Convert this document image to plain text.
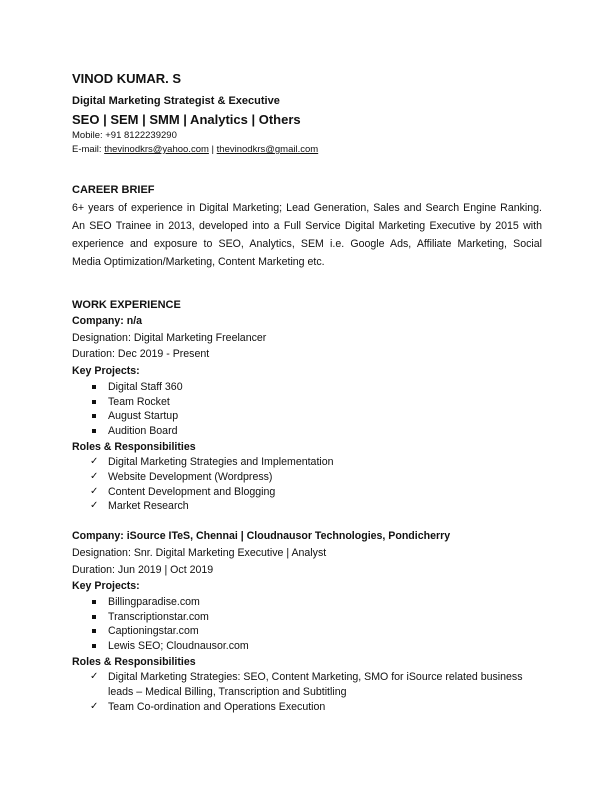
VINOD KUMAR. S
Digital Marketing Strategist & Executive
SEO | SEM | SMM | Analytics | Others
Mobile: +91 8122239290
E-mail: thevinodkrs@yahoo.com | thevinodkrs@gmail.com
CAREER BRIEF
6+ years of experience in Digital Marketing; Lead Generation, Sales and Search Engine Ranking.
An SEO Trainee in 2013, developed into a Full Service Digital Marketing Executive by 2015 with
experience and exposure to SEO, Analytics, SEM i.e. Google Ads, Affiliate Marketing, Social
Media Optimization/Marketing, Content Marketing etc.
WORK EXPERIENCE
Company: n/a
Designation: Digital Marketing Freelancer
Duration: Dec 2019 - Present
Key Projects:
Digital Staff 360
Team Rocket
August Startup
Audition Board
Roles & Responsibilities
✓ Digital Marketing Strategies and Implementation
✓ Website Development (Wordpress)
✓ Content Development and Blogging
✓ Market Research
Company: iSource ITeS, Chennai | Cloudnausor Technologies, Pondicherry
Designation: Snr. Digital Marketing Executive | Analyst
Duration: Jun 2019 | Oct 2019
Key Projects:
Billingparadise.com
Transcriptionstar.com
Captioningstar.com
Lewis SEO; Cloudnausor.com
Roles & Responsibilities
✓ Digital Marketing Strategies: SEO, Content Marketing, SMO for iSource related business leads – Medical Billing, Transcription and Subtitling
✓ Team Co-ordination and Operations Execution
